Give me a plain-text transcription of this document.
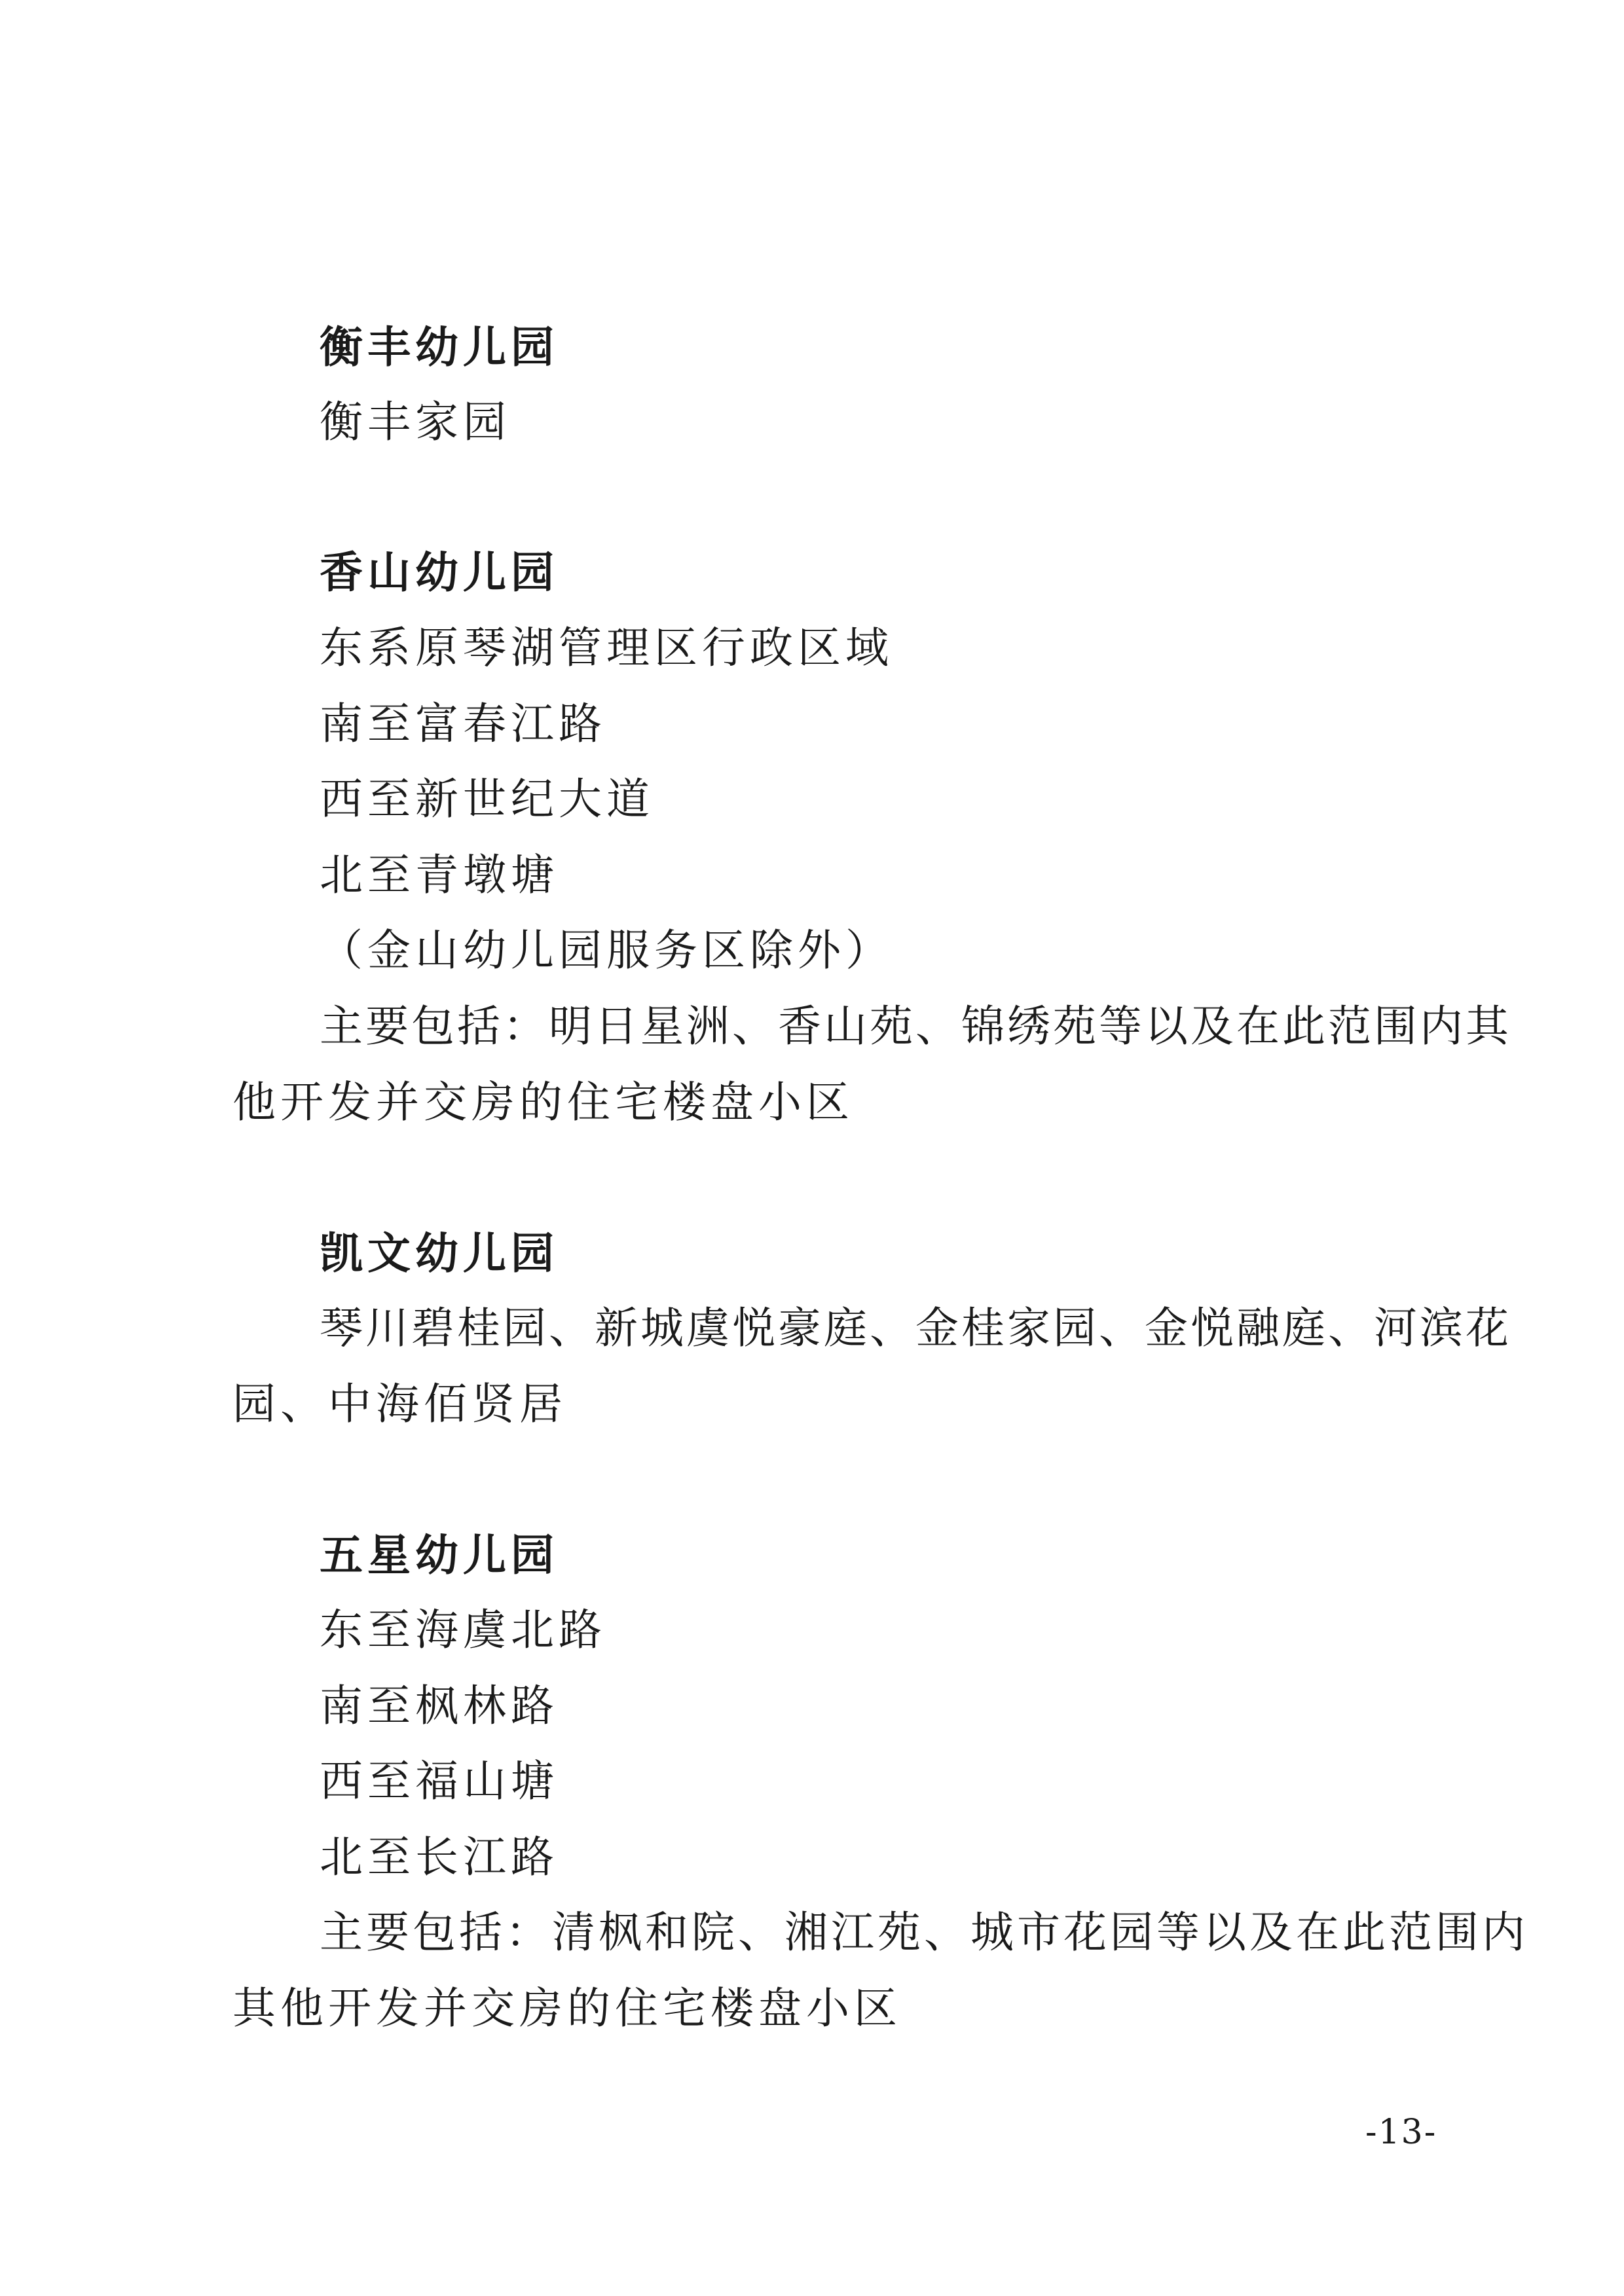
衡丰幼儿园
衡丰家园
香山幼儿园
东系原琴湖管理区行政区域
南至富春江路
西至新世纪大道
北至青墩塘
（金山幼儿园服务区除外）
主要包括：明日星洲、香山苑、锦绣苑等以及在此范围内其
他开发并交房的住宅楼盘小区
凯文幼儿园
琴川碧桂园、新城虞悦豪庭、金桂家园、金悦融庭、河滨花
园、中海佰贤居
五星幼儿园
东至海虞北路
南至枫林路
西至福山塘
北至长江路
主要包括：清枫和院、湘江苑、城市花园等以及在此范围内
其他开发并交房的住宅楼盘小区
-13-
